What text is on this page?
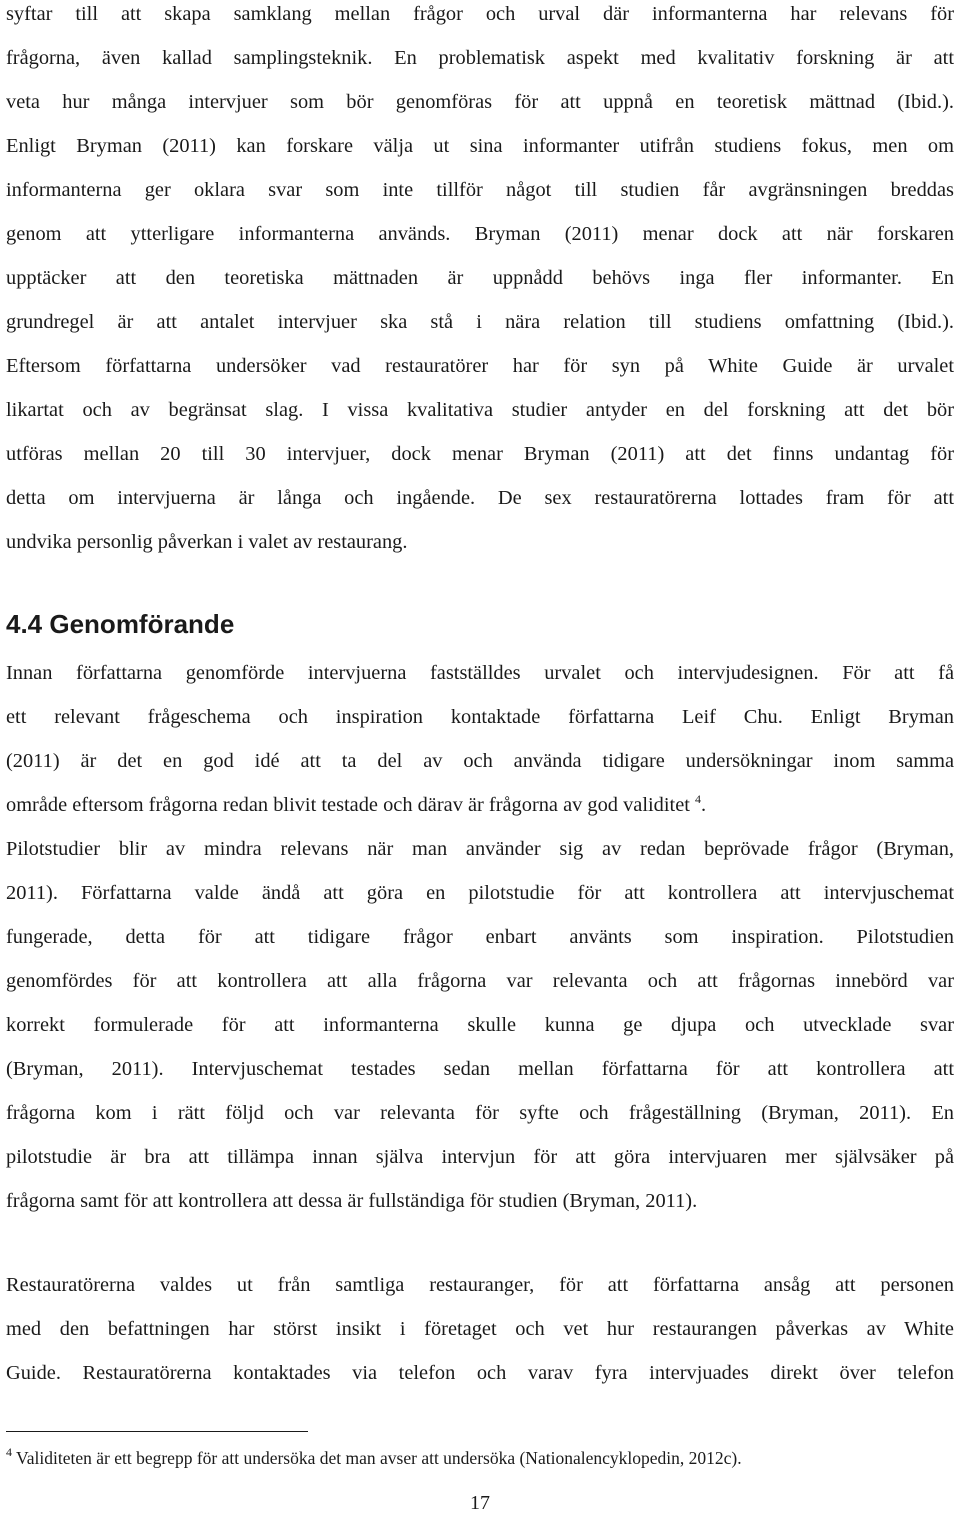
syftar till att skapa samklang mellan frågor och urval där informanterna har relevans för
frågorna, även kallad samplingsteknik. En problematisk aspekt med kvalitativ forskning är att
veta hur många intervjuer som bör genomföras för att uppnå en teoretisk mättnad (Ibid.).
Enligt Bryman (2011) kan forskare välja ut sina informanter utifrån studiens fokus, men om
informanterna ger oklara svar som inte tillför något till studien får avgränsningen breddas
genom att ytterligare informanterna används. Bryman (2011) menar dock att när forskaren
upptäcker att den teoretiska mättnaden är uppnådd behövs inga fler informanter. En
grundregel är att antalet intervjuer ska stå i nära relation till studiens omfattning (Ibid.).
Eftersom författarna undersöker vad restauratörer har för syn på White Guide är urvalet
likartat och av begränsat slag. I vissa kvalitativa studier antyder en del forskning att det bör
utföras mellan 20 till 30 intervjuer, dock menar Bryman (2011) att det finns undantag för
detta om intervjuerna är långa och ingående. De sex restauratörerna lottades fram för att
undvika personlig påverkan i valet av restaurang.

4.4 Genomförande

Innan författarna genomförde intervjuerna fastställdes urvalet och intervjudesignen. För att få
ett relevant frågeschema och inspiration kontaktade författarna Leif Chu. Enligt Bryman
(2011) är det en god idé att ta del av och använda tidigare undersökningar inom samma
område eftersom frågorna redan blivit testade och därav är frågorna av god validitet $^4$.
Pilotstudier blir av mindra relevans när man använder sig av redan beprövade frågor (Bryman,
2011). Författarna valde ändå att göra en pilotstudie för att kontrollera att intervjuschemat
fungerade, detta för att tidigare frågor enbart använts som inspiration. Pilotstudien
genomfördes för att kontrollera att alla frågorna var relevanta och att frågornas innebörd var
korrekt formulerade för att informanterna skulle kunna ge djupa och utvecklade svar
(Bryman, 2011). Intervjuschemat testades sedan mellan författarna för att kontrollera att
frågorna kom i rätt följd och var relevanta för syfte och frågeställning (Bryman, 2011). En
pilotstudie är bra att tillämpa innan själva intervjun för att göra intervjuaren mer självsäker på
frågorna samt för att kontrollera att dessa är fullständiga för studien (Bryman, 2011).

Restauratörerna valdes ut från samtliga restauranger, för att författarna ansåg att personen
med den befattningen har störst insikt i företaget och vet hur restaurangen påverkas av White
Guide. Restauratörerna kontaktades via telefon och varav fyra intervjuades direkt över telefon

$^4$ Validiteten är ett begrepp för att undersöka det man avser att undersöka (Nationalencyklopedin, 2012c).

17
